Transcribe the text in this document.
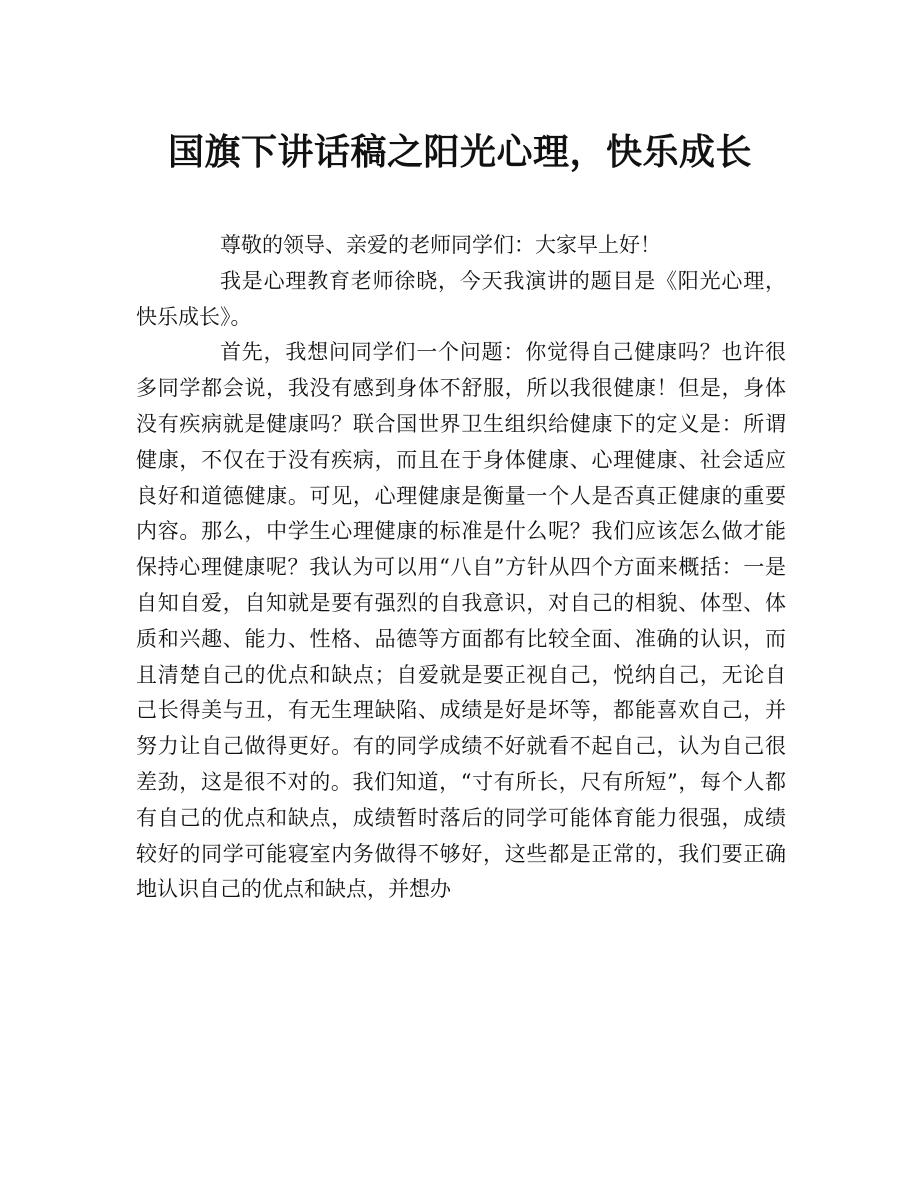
国旗下讲话稿之阳光心理，快乐成长

尊敬的领导、亲爱的老师同学们：大家早上好！

我是心理教育老师徐晓，今天我演讲的题目是《阳光心理，快乐成长》。

首先，我想问同学们一个问题：你觉得自己健康吗？也许很多同学都会说，我没有感到身体不舒服，所以我很健康！但是，身体没有疾病就是健康吗？联合国世界卫生组织给健康下的定义是：所谓健康，不仅在于没有疾病，而且在于身体健康、心理健康、社会适应良好和道德健康。可见，心理健康是衡量一个人是否真正健康的重要内容。那么，中学生心理健康的标准是什么呢？我们应该怎么做才能保持心理健康呢？我认为可以用“八自”方针从四个方面来概括：一是自知自爱，自知就是要有强烈的自我意识，对自己的相貌、体型、体质和兴趣、能力、性格、品德等方面都有比较全面、准确的认识，而且清楚自己的优点和缺点；自爱就是要正视自己，悦纳自己，无论自己长得美与丑，有无生理缺陷、成绩是好是坏等，都能喜欢自己，并努力让自己做得更好。有的同学成绩不好就看不起自己，认为自己很差劲，这是很不对的。我们知道，“寸有所长，尺有所短”，每个人都有自己的优点和缺点，成绩暂时落后的同学可能体育能力很强，成绩较好的同学可能寝室内务做得不够好，这些都是正常的，我们要正确地认识自己的优点和缺点，并想办
